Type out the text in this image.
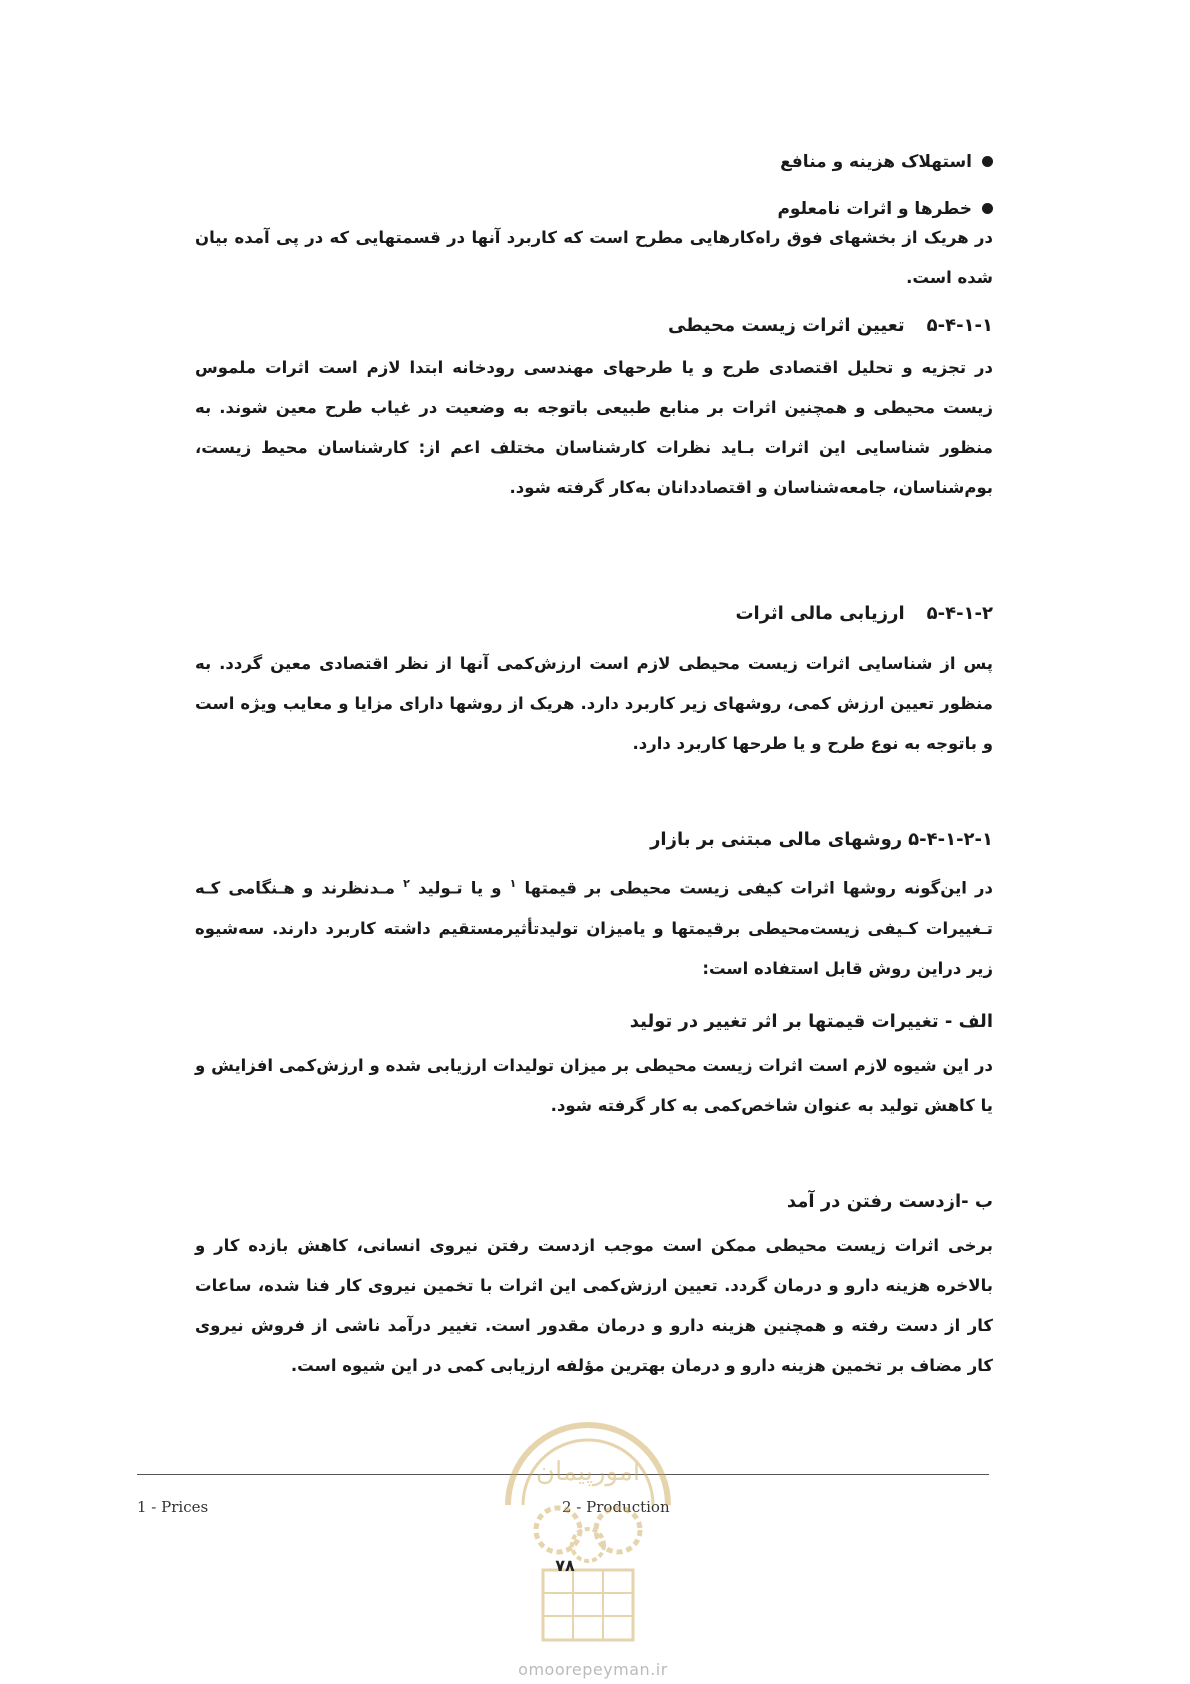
استهلاک هزینه و منافع
خطرها و اثرات نامعلوم
در هریک از بخشهای فوق راه‌کارهایی مطرح است که کاربرد آنها در قسمتهایی که در پی آمده بیان شده است.
۵-۴-۱-۱تعیین اثرات زیست محیطی
در تجزیه و تحلیل اقتصادی طرح و یا طرحهای مهندسی رودخانه ابتدا لازم است اثرات ملموس زیست محیطی و همچنین اثرات بر منابع طبیعی باتوجه به وضعیت در غیاب طرح معین شوند. به منظور شناسایی این اثرات بـاید نظرات کارشناسان مختلف اعم از: کارشناسان محیط زیست، بوم‌شناسان، جامعه‌شناسان و اقتصاددانان به‌کار گرفته شود.
۵-۴-۱-۲ارزیابی مالی اثرات
پس از شناسایی اثرات زیست محیطی لازم است ارزش‌کمی آنها از نظر اقتصادی معین گردد. به منظور تعیین ارزش کمی، روشهای زیر کاربرد دارد. هریک از روشها دارای مزایا و معایب ویژه است و باتوجه به نوع طرح و یا طرحها کاربرد دارد.
۵-۴-۱-۲-۱روشهای مالی مبتنی بر بازار
در این‌گونه روشها اثرات کیفی زیست محیطی بر قیمتها $^۱$ و یا تـولید $^۲$ مـدنظرند و هـنگامی کـه تـغییرات کـیفی زیست‌محیطی برقیمتها و یامیزان تولیدتأثیرمستقیم داشته کاربرد دارند. سه‌شیوه زیر دراین روش قابل استفاده است:
الف - تغییرات قیمتها بر اثر تغییر در تولید
در این شیوه لازم است اثرات زیست محیطی بر میزان تولیدات ارزیابی شده و ارزش‌کمی افزایش و یا کاهش تولید به عنوان شاخص‌کمی به کار گرفته شود.
ب -ازدست رفتن در آمد
برخی اثرات زیست محیطی ممکن است موجب ازدست رفتن نیروی انسانی، کاهش بازده کار و بالاخره هزینه دارو و درمان گردد. تعیین ارزش‌کمی این اثرات با تخمین نیروی کار فنا شده، ساعات کار از دست رفته و همچنین هزینه دارو و درمان مقدور است. تغییر درآمد ناشی از فروش نیروی کار مضاف بر تخمین هزینه دارو و درمان بهترین مؤلفه ارزیابی کمی در این شیوه است.
1 - Prices	2 - Production
امورپیمان
۷۸
omoorepeyman.ir
